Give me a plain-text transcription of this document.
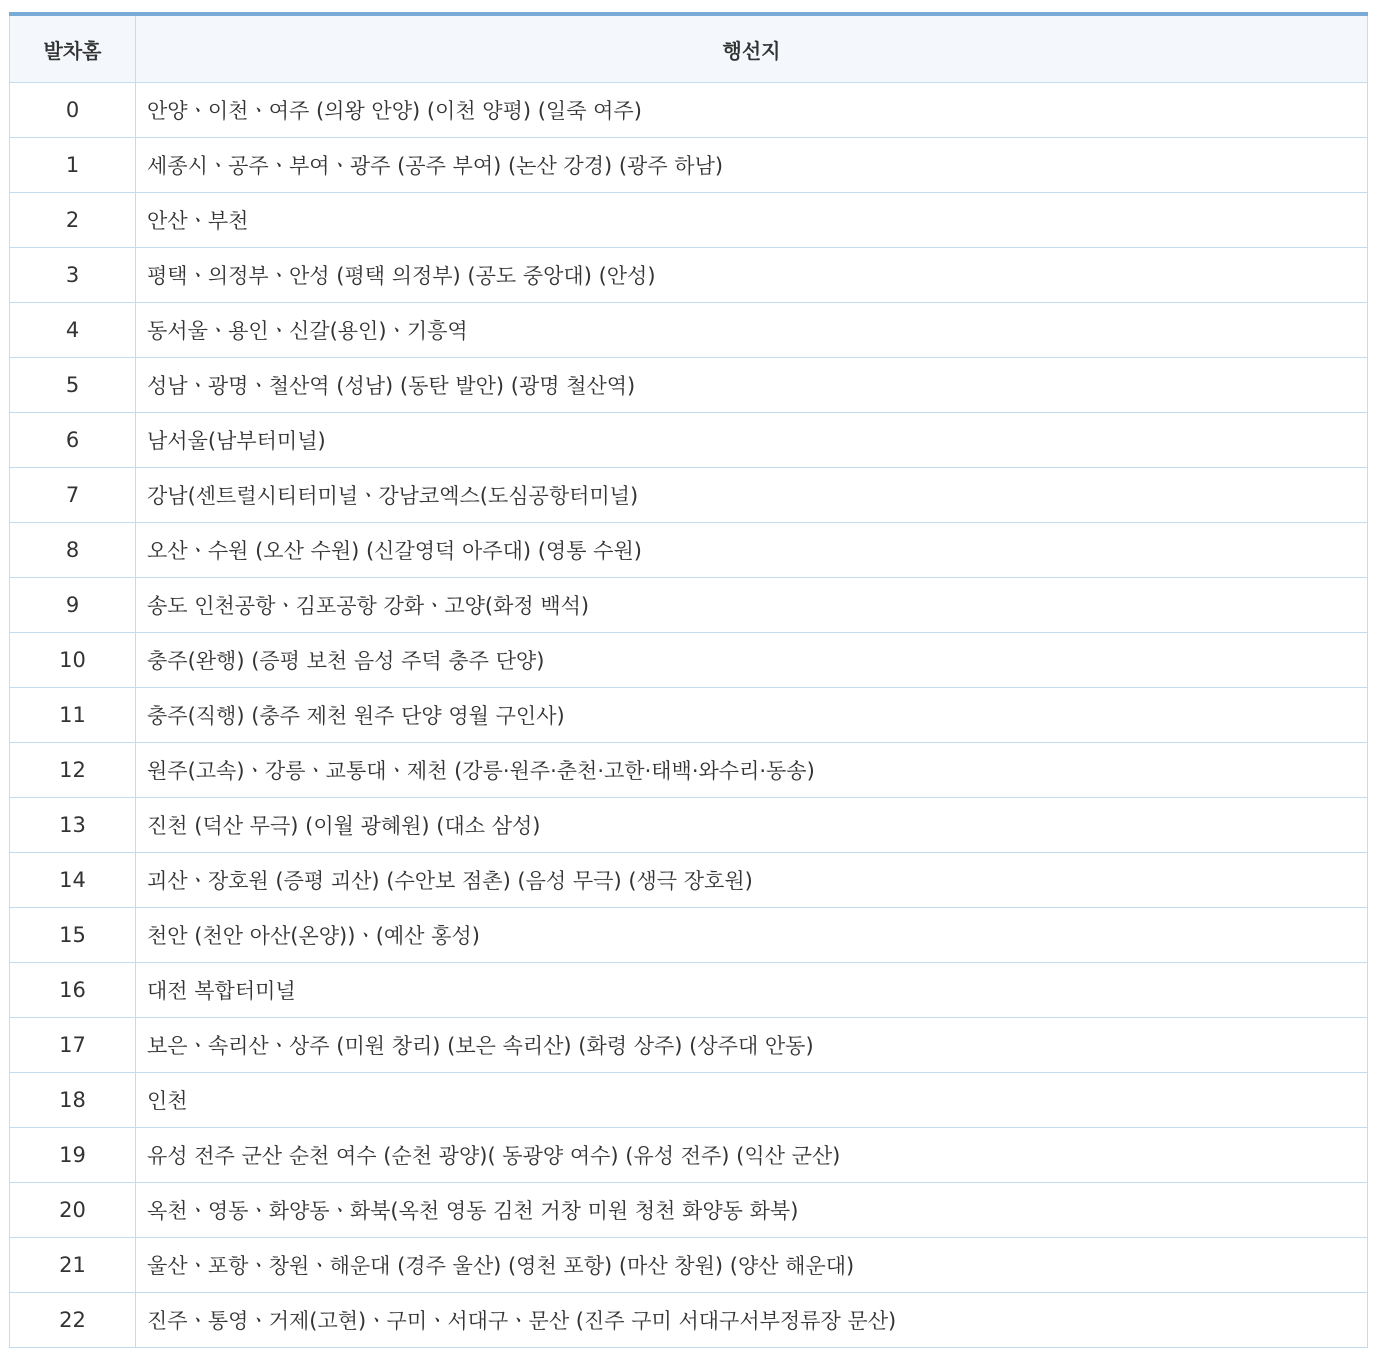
발차홈	행선지
0	안양ㆍ이천ㆍ여주 (의왕 안양) (이천 양평) (일죽 여주)
1	세종시ㆍ공주ㆍ부여ㆍ광주 (공주 부여) (논산 강경) (광주 하남)
2	안산ㆍ부천
3	평택ㆍ의정부ㆍ안성 (평택 의정부) (공도 중앙대) (안성)
4	동서울ㆍ용인ㆍ신갈(용인)ㆍ기흥역
5	성남ㆍ광명ㆍ철산역 (성남) (동탄 발안) (광명 철산역)
6	남서울(남부터미널)
7	강남(센트럴시티터미널ㆍ강남코엑스(도심공항터미널)
8	오산ㆍ수원 (오산 수원) (신갈영덕 아주대) (영통 수원)
9	송도 인천공항ㆍ김포공항 강화ㆍ고양(화정 백석)
10	충주(완행) (증평 보천 음성 주덕 충주 단양)
11	충주(직행) (충주 제천 원주 단양 영월 구인사)
12	원주(고속)ㆍ강릉ㆍ교통대ㆍ제천 (강릉·원주·춘천·고한·태백·와수리·동송)
13	진천 (덕산 무극) (이월 광혜원) (대소 삼성)
14	괴산ㆍ장호원 (증평 괴산) (수안보 점촌) (음성 무극) (생극 장호원)
15	천안 (천안 아산(온양))ㆍ(예산 홍성)
16	대전 복합터미널
17	보은ㆍ속리산ㆍ상주 (미원 창리) (보은 속리산) (화령 상주) (상주대 안동)
18	인천
19	유성 전주 군산 순천 여수 (순천 광양)( 동광양 여수) (유성 전주) (익산 군산)
20	옥천ㆍ영동ㆍ화양동ㆍ화북(옥천 영동 김천 거창 미원 청천 화양동 화북)
21	울산ㆍ포항ㆍ창원ㆍ해운대 (경주 울산) (영천 포항) (마산 창원) (양산 해운대)
22	진주ㆍ통영ㆍ거제(고현)ㆍ구미ㆍ서대구ㆍ문산 (진주 구미 서대구서부정류장 문산)
